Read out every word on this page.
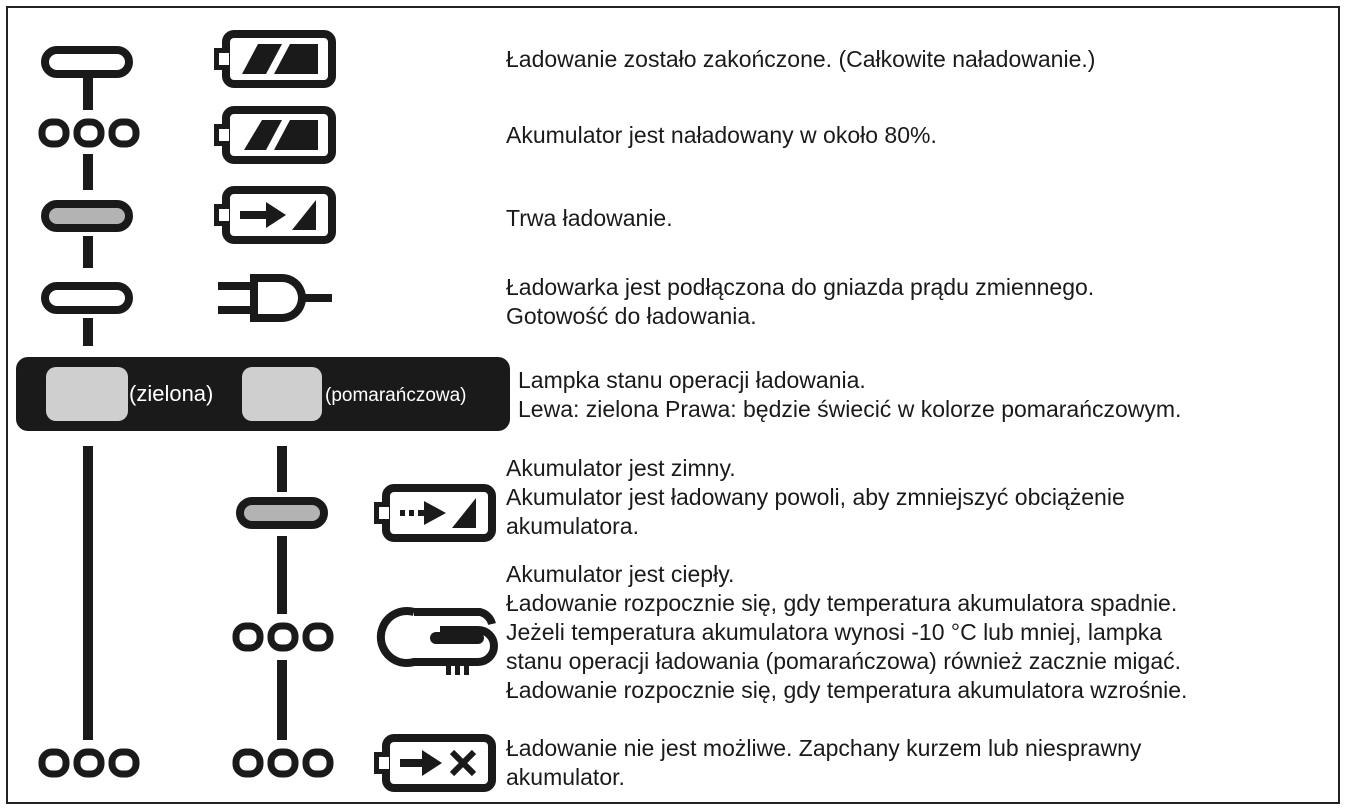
(zielona)	(pomarańczowa)
Ładowanie zostało zakończone. (Całkowite naładowanie.)
Akumulator jest naładowany w około 80%.
Trwa ładowanie.
Ładowarka jest podłączona do gniazda prądu zmiennego.
Gotowość do ładowania.
Lampka stanu operacji ładowania.
Lewa: zielona Prawa: będzie świecić w kolorze pomarańczowym.
Akumulator jest zimny.
Akumulator jest ładowany powoli, aby zmniejszyć obciążenie
akumulatora.
Akumulator jest ciepły.
Ładowanie rozpocznie się, gdy temperatura akumulatora spadnie.
Jeżeli temperatura akumulatora wynosi -10 °C lub mniej, lampka
stanu operacji ładowania (pomarańczowa) również zacznie migać.
Ładowanie rozpocznie się, gdy temperatura akumulatora wzrośnie.
Ładowanie nie jest możliwe. Zapchany kurzem lub niesprawny
akumulator.
